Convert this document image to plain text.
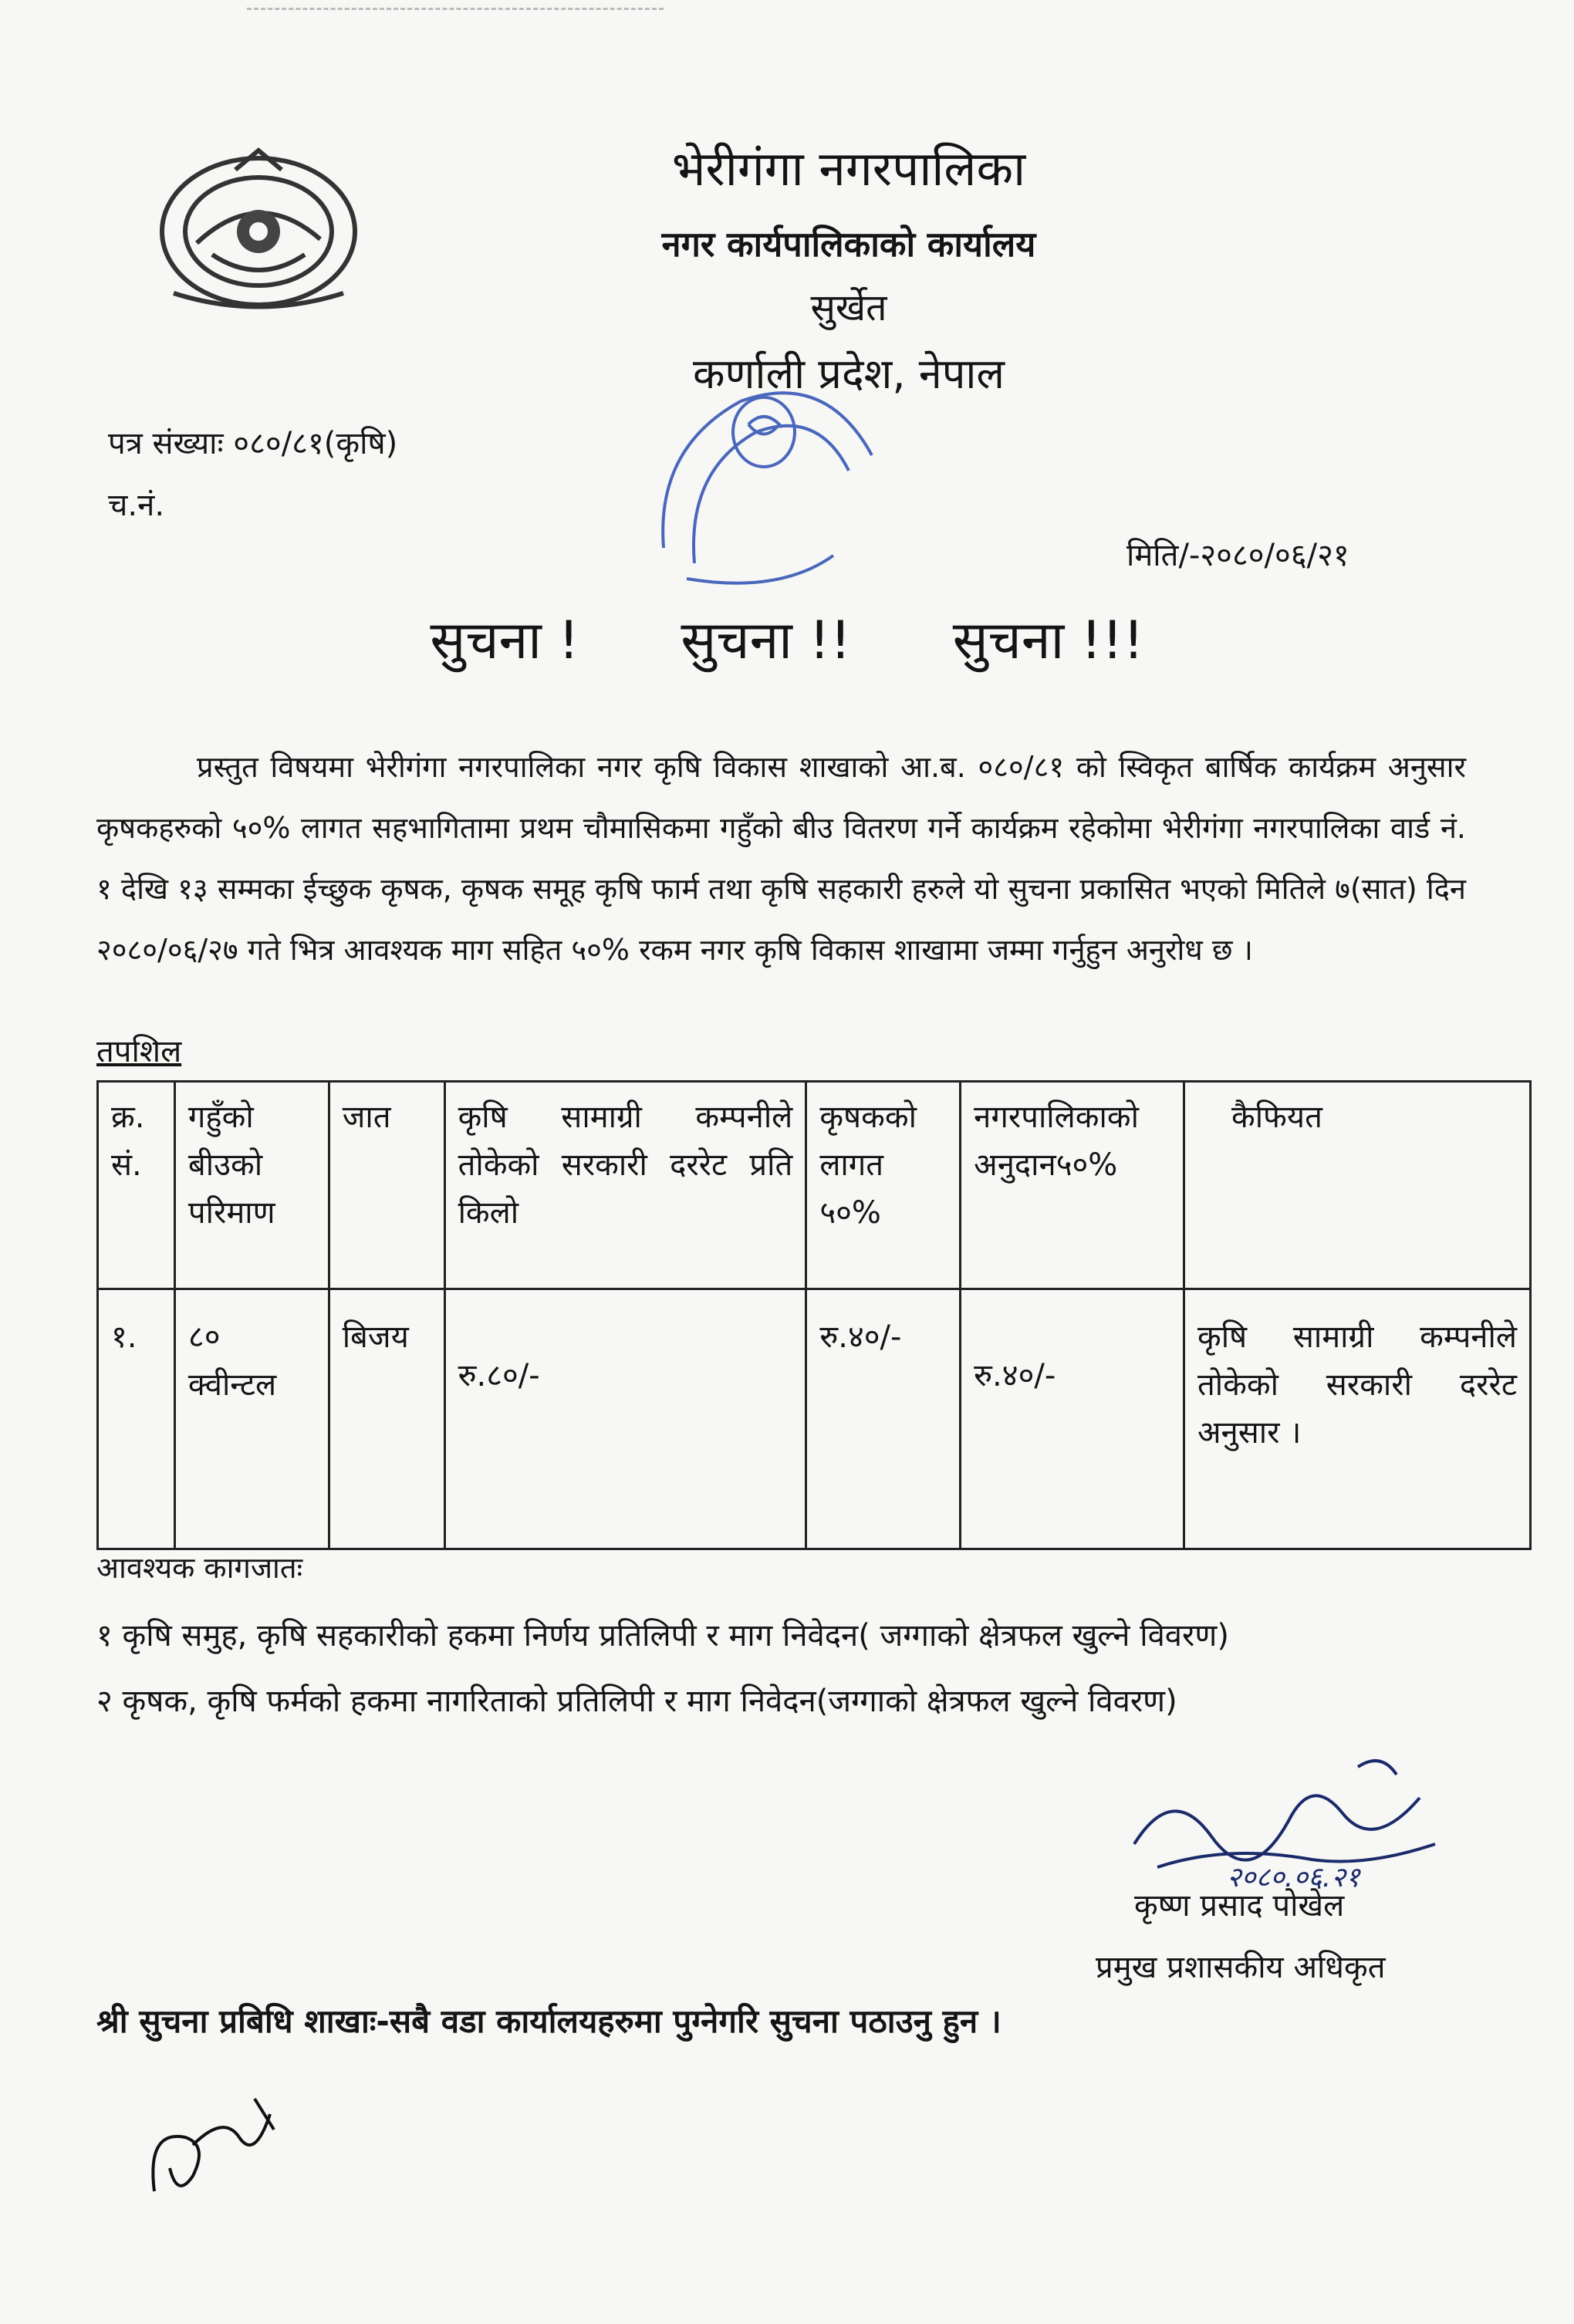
भेरीगंगा नगरपालिका
नगर कार्यपालिकाको कार्यालय
सुर्खेत
कर्णाली प्रदेश, नेपाल
पत्र संख्याः ०८०/८१(कृषि)
च.नं.
मिति/-२०८०/०६/२१
सुचना ! सुचना !! सुचना !!!
प्रस्तुत विषयमा भेरीगंगा नगरपालिका नगर कृषि विकास शाखाको आ.ब. ०८०/८१ को स्विकृत बार्षिक कार्यक्रम अनुसार कृषकहरुको ५०% लागत सहभागितामा प्रथम चौमासिकमा गहुँको बीउ वितरण गर्ने कार्यक्रम रहेकोमा भेरीगंगा नगरपालिका वार्ड नं. १ देखि १३ सम्मका ईच्छुक कृषक, कृषक समूह कृषि फार्म तथा कृषि सहकारी हरुले यो सुचना प्रकासित भएको मितिले ७(सात) दिन २०८०/०६/२७ गते भित्र आवश्यक माग सहित ५०% रकम नगर कृषि विकास शाखामा जम्मा गर्नुहुन अनुरोध छ ।
तपशिल
क्र. सं.	गहुँको बीउको परिमाण	जात	कृषि सामाग्री कम्पनीले तोकेको सरकारी दररेट प्रति किलो	कृषकको लागत ५०%	नगरपालिकाको अनुदान५०%	कैफियत
१.	८० क्वीन्टल	बिजय	रु.८०/-	रु.४०/-	रु.४०/-	कृषि सामाग्री कम्पनीले तोकेको सरकारी दररेट अनुसार ।
आवश्यक कागजातः
१ कृषि समुह, कृषि सहकारीको हकमा निर्णय प्रतिलिपी र माग निवेदन( जग्गाको क्षेत्रफल खुल्ने विवरण)
२ कृषक, कृषि फर्मको हकमा नागरिताको प्रतिलिपी र माग निवेदन(जग्गाको क्षेत्रफल खुल्ने विवरण)
२०८०.०६.२१
कृष्ण प्रसाद पोखेल
प्रमुख प्रशासकीय अधिकृत
श्री सुचना प्रबिधि शाखाः-सबै वडा कार्यालयहरुमा पुग्नेगरि सुचना पठाउनु हुन ।
